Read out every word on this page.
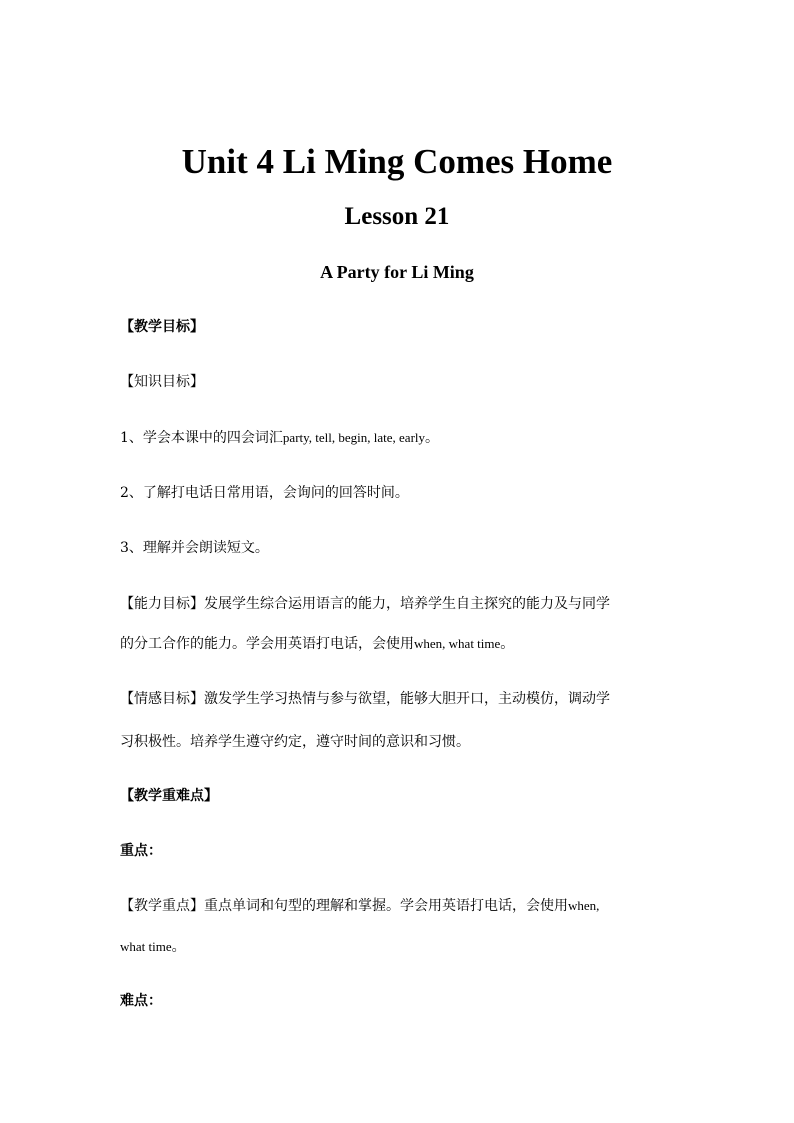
Unit 4 Li Ming Comes Home
Lesson 21
A Party for Li Ming

【教学目标】

【知识目标】

1、学会本课中的四会词汇party, tell, begin, late, early。

2、了解打电话日常用语，会询问的回答时间。

3、理解并会朗读短文。

【能力目标】发展学生综合运用语言的能力，培养学生自主探究的能力及与同学

的分工合作的能力。学会用英语打电话，会使用when, what time。

【情感目标】激发学生学习热情与参与欲望，能够大胆开口，主动模仿，调动学

习积极性。培养学生遵守约定，遵守时间的意识和习惯。

【教学重难点】

重点：

【教学重点】重点单词和句型的理解和掌握。学会用英语打电话，会使用when,

what time。

难点：
